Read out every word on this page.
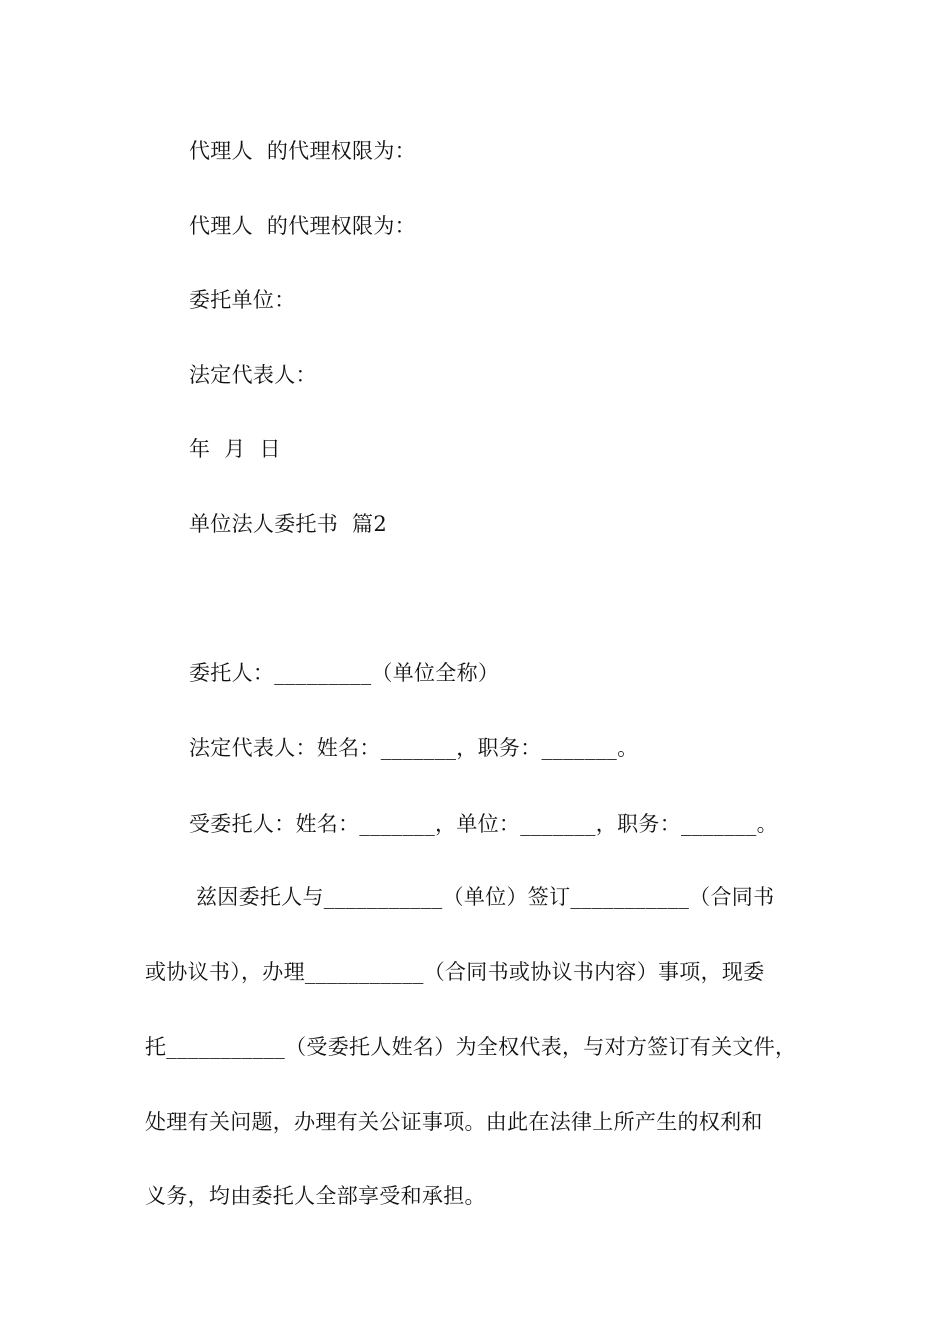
代理人  的代理权限为：
代理人  的代理权限为：
委托单位：
法定代表人：
年  月  日
单位法人委托书  篇2
委托人：_________（单位全称）
法定代表人：姓名：_______，职务：_______。
受委托人：姓名：_______，单位：_______，职务：_______。
兹因委托人与___________（单位）签订___________（合同书
或协议书），办理___________（合同书或协议书内容）事项，现委
托___________（受委托人姓名）为全权代表，与对方签订有关文件，
处理有关问题，办理有关公证事项。由此在法律上所产生的权利和
义务，均由委托人全部享受和承担。
